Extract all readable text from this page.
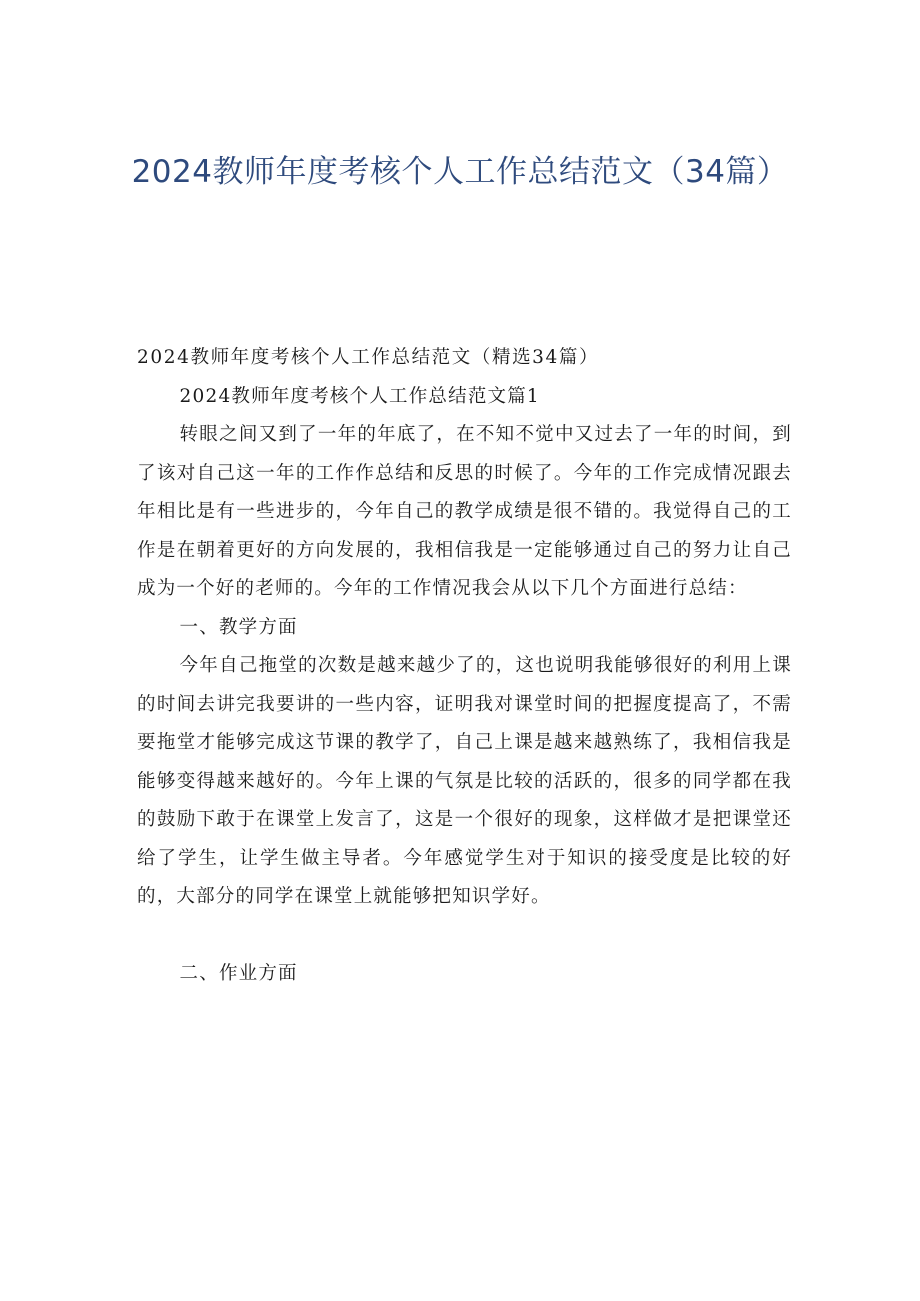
2024教师年度考核个人工作总结范文（34篇）

2024教师年度考核个人工作总结范文（精选34篇）

2024教师年度考核个人工作总结范文篇1

转眼之间又到了一年的年底了，在不知不觉中又过去了一年的时间，到了该对自己这一年的工作作总结和反思的时候了。今年的工作完成情况跟去年相比是有一些进步的，今年自己的教学成绩是很不错的。我觉得自己的工作是在朝着更好的方向发展的，我相信我是一定能够通过自己的努力让自己成为一个好的老师的。今年的工作情况我会从以下几个方面进行总结：

一、教学方面

今年自己拖堂的次数是越来越少了的，这也说明我能够很好的利用上课的时间去讲完我要讲的一些内容，证明我对课堂时间的把握度提高了，不需要拖堂才能够完成这节课的教学了，自己上课是越来越熟练了，我相信我是能够变得越来越好的。今年上课的气氛是比较的活跃的，很多的同学都在我的鼓励下敢于在课堂上发言了，这是一个很好的现象，这样做才是把课堂还给了学生，让学生做主导者。今年感觉学生对于知识的接受度是比较的好的，大部分的同学在课堂上就能够把知识学好。

二、作业方面
